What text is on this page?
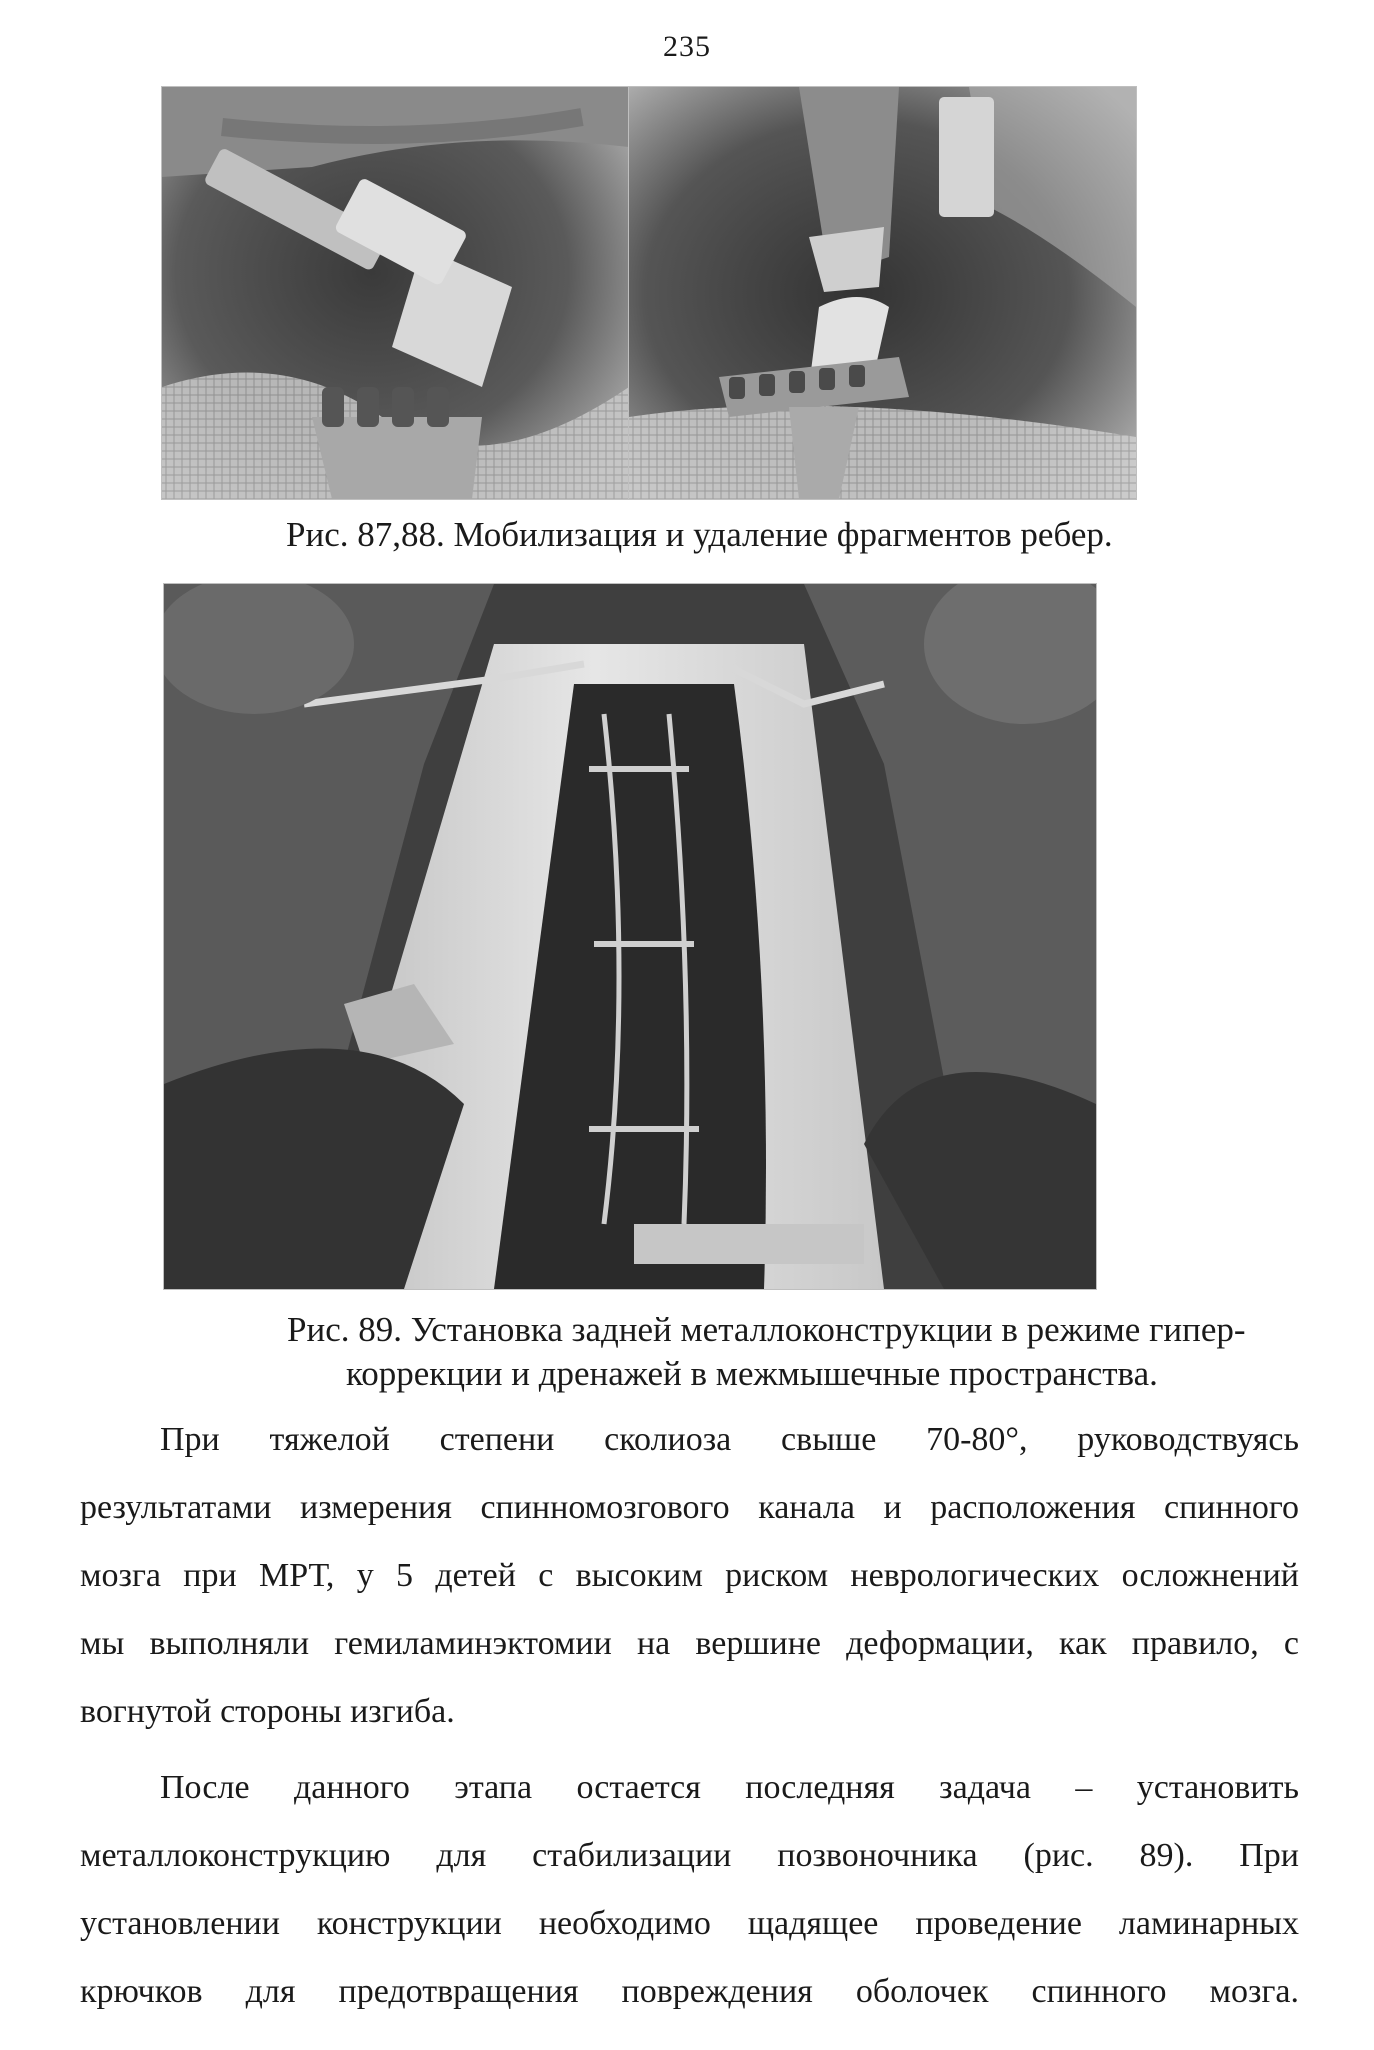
235
Рис. 87,88. Мобилизация и удаление фрагментов ребер.
Рис. 89. Установка задней металлоконструкции в режиме гипер-
коррекции и дренажей в межмышечные пространства.
При тяжелой степени сколиоза свыше 70-80°, руководствуясь
результатами измерения спинномозгового канала и расположения спинного
мозга при МРТ, у 5 детей с высоким риском неврологических осложнений
мы выполняли гемиламинэктомии на вершине деформации, как правило, с
вогнутой стороны изгиба.
После данного этапа остается последняя задача – установить
металлоконструкцию для стабилизации позвоночника (рис. 89). При
установлении конструкции необходимо щадящее проведение ламинарных
крючков для предотвращения повреждения оболочек спинного мозга.
